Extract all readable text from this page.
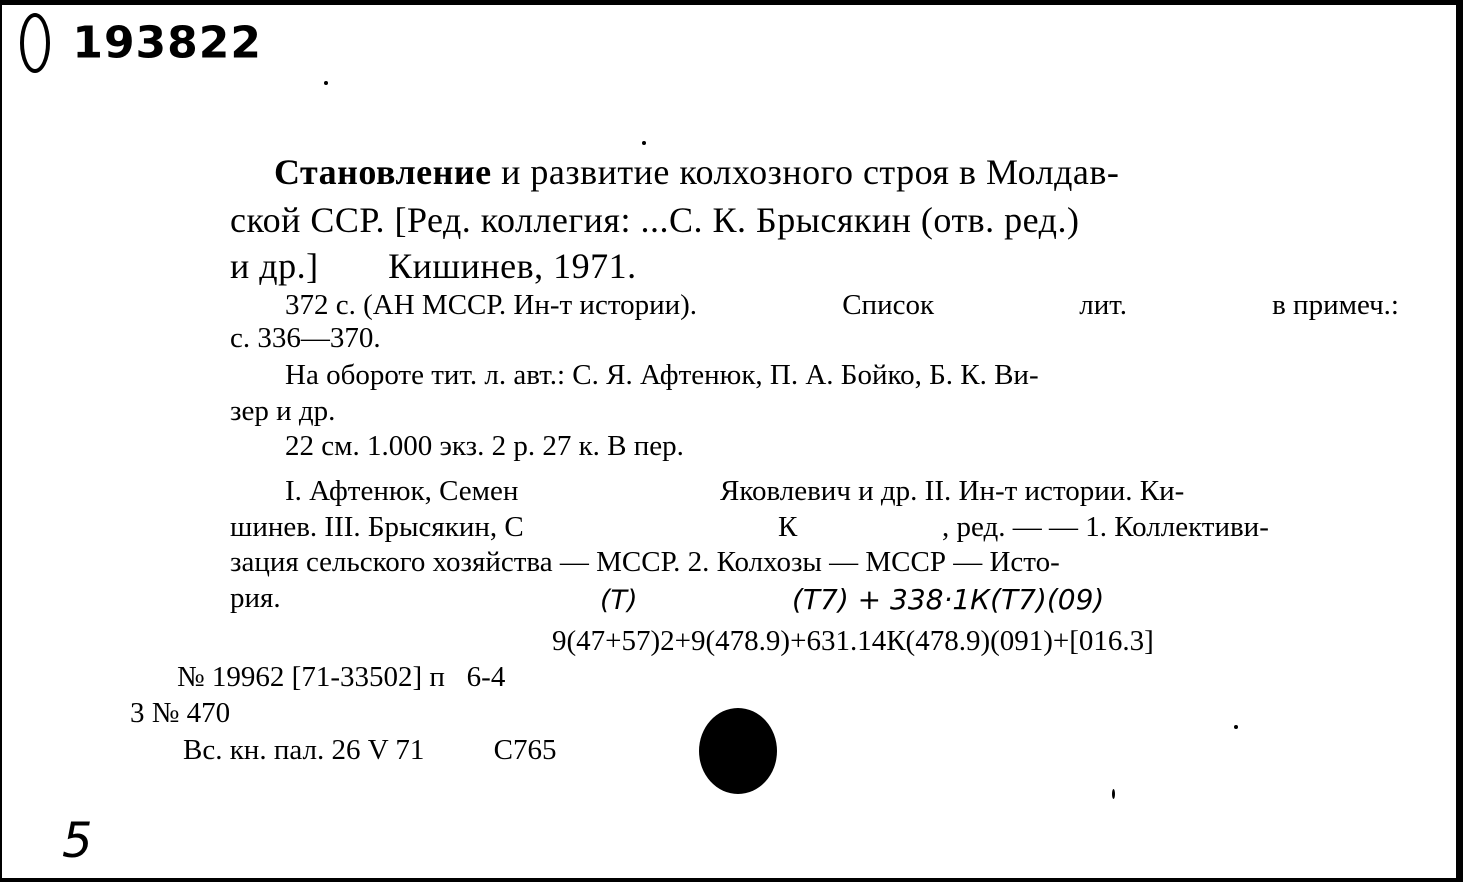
193822
Становление и развитие колхозного строя в Молдав-
ской ССР. [Ред. коллегия: ...С. К. Брысякин (отв. ред.)
и др.] Кишинев, 1971.
372 с. (АН МССР. Ин-т истории).	Список	лит.	в примеч.:
с. 336—370.
На обороте тит. л. авт.: С. Я. Афтенюк, П. А. Бойко, Б. К. Ви-
зер и др.
22 см. 1.000 экз. 2 р. 27 к. В пер.
I. Афтенюк, Семен	Яковлевич и др. II. Ин-т истории. Ки-
шинев. III. Брысякин, С	К	, ред. — — 1. Коллективи-
зация сельского хозяйства — МССР. 2. Колхозы — МССР — Исто-
рия.	(Т)	(Т7) + 338·1К(Т7)(09)
9(47+57)2+9(478.9)+631.14К(478.9)(091)+[016.3]
№ 19962 [71-33502] п   6-4
3 № 470
Вс. кн. пал. 26 V 71 С765
5
